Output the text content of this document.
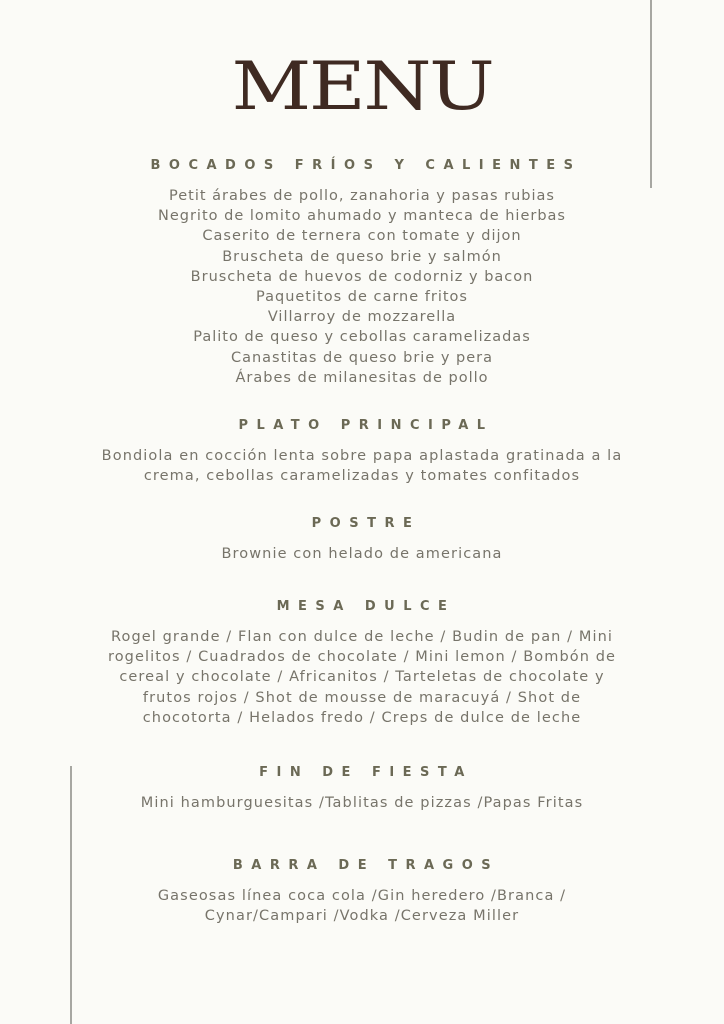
MENU
BOCADOS FRÍOS Y CALIENTES
Petit árabes de pollo, zanahoria y pasas rubias
Negrito de lomito ahumado y manteca de hierbas
Caserito de ternera con tomate y dijon
Bruscheta de queso brie y salmón
Bruscheta de huevos de codorniz y bacon
Paquetitos de carne fritos
Villarroy de mozzarella
Palito de queso y cebollas caramelizadas
Canastitas de queso brie y pera
Árabes de milanesitas de pollo
PLATO PRINCIPAL
Bondiola en cocción lenta sobre papa aplastada gratinada a la
crema, cebollas caramelizadas y tomates confitados
POSTRE
Brownie con helado de americana
MESA DULCE
Rogel grande / Flan con dulce de leche / Budin de pan / Mini
rogelitos / Cuadrados de chocolate / Mini lemon / Bombón de
cereal y chocolate / Africanitos / Tarteletas de chocolate y
frutos rojos / Shot de mousse de maracuyá / Shot de
chocotorta / Helados fredo / Creps de dulce de leche
FIN DE FIESTA
Mini hamburguesitas /Tablitas de pizzas /Papas Fritas
BARRA DE TRAGOS
Gaseosas línea coca cola /Gin heredero /Branca /
Cynar/Campari /Vodka /Cerveza Miller
